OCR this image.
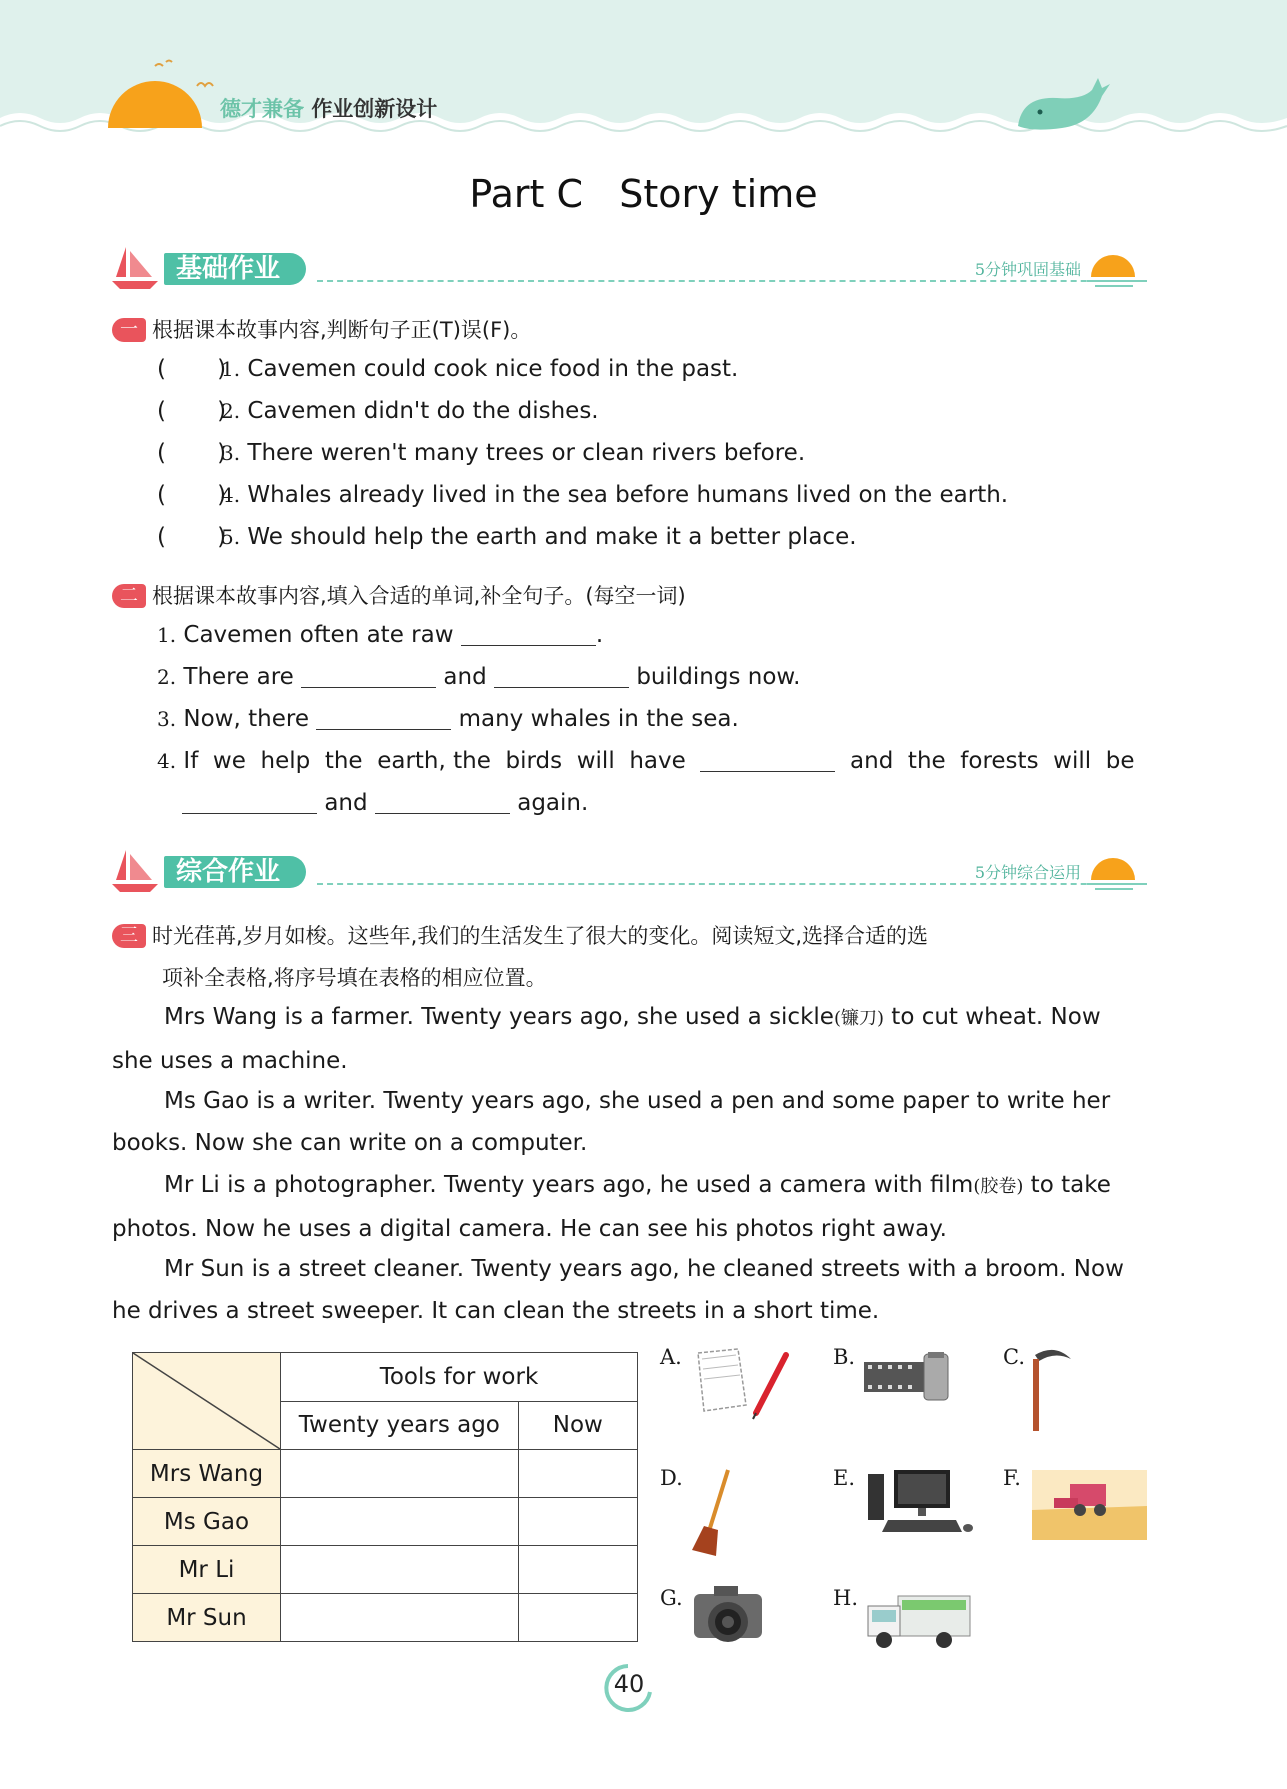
德才兼备 作业创新设计
Part C   Story time
基础作业	5分钟巩固基础
一 根据课本故事内容,判断句子正(T)误(F)。
(       )1. Cavemen could cook nice food in the past.
(       )2. Cavemen didn't do the dishes.
(       )3. There weren't many trees or clean rivers before.
(       )4. Whales already lived in the sea before humans lived on the earth.
(       )5. We should help the earth and make it a better place.
二 根据课本故事内容,填入合适的单词,补全句子。(每空一词)
1. Cavemen often ate raw	.
2. There are	and	buildings now.
3. Now, there	many whales in the sea.
4. If  we  help  the  earth, the  birds  will  have	and  the  forests  will  be
and	again.
综合作业	5分钟综合运用
三 时光荏苒,岁月如梭。这些年,我们的生活发生了很大的变化。阅读短文,选择合适的选
项补全表格,将序号填在表格的相应位置。
Mrs Wang is a farmer. Twenty years ago, she used a sickle(镰刀) to cut wheat. Now she uses a machine.
Ms Gao is a writer. Twenty years ago, she used a pen and some paper to write her books. Now she can write on a computer.
Mr Li is a photographer. Twenty years ago, he used a camera with film(胶卷) to take photos. Now he uses a digital camera. He can see his photos right away.
Mr Sun is a street cleaner. Twenty years ago, he cleaned streets with a broom. Now he drives a street sweeper. It can clean the streets in a short time.
	Tools for work	
	Twenty years ago	Now
Mrs Wang		
Ms Gao		
Mr Li		
Mr Sun		
A.	B.	C.
D.	E.	F.
G.	H.
40
